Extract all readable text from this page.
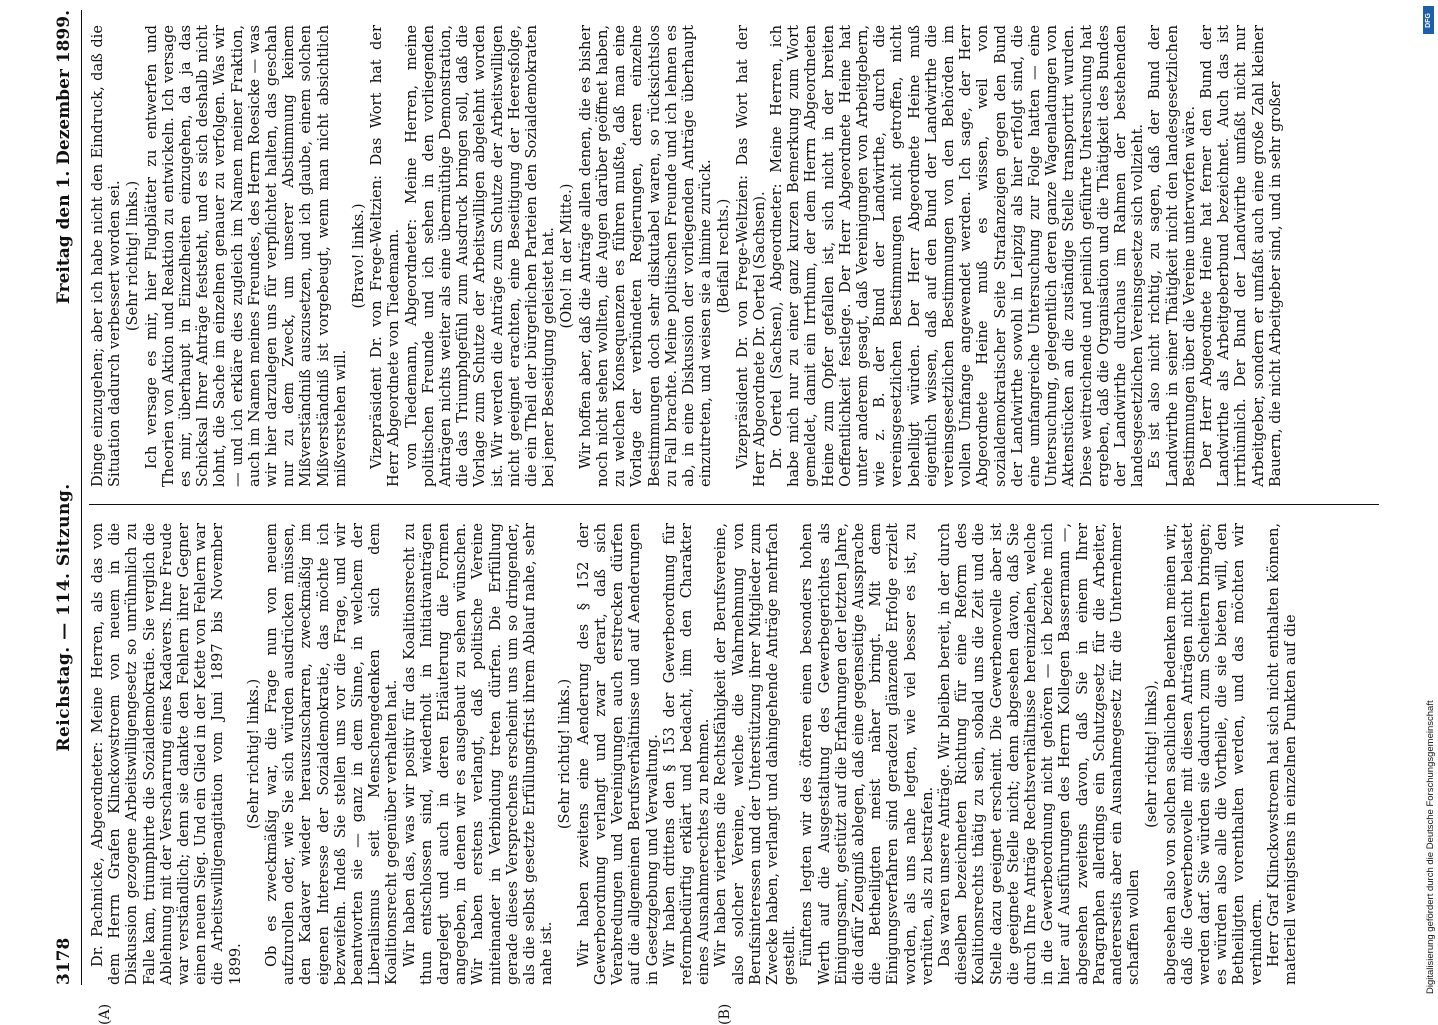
3178
Reichstag. — 114. Sitzung.
Freitag den 1. Dezember 1899.
(A)	(B)

Dr. Pachnicke, Abgeordneter: Meine Herren, als das von dem Herrn Grafen Klinckowstroem von neuem in die Diskussion gezogene Arbeitswilligengesetz so unrühmlich zu Falle kam, triumphirte die Sozialdemokratie. Sie verglich die Ablehnung mit der Verscharrung eines Kadavers. Ihre Freude war verständlich; denn sie dankte den Fehlern ihrer Gegner einen neuen Sieg. Und ein Glied in der Kette von Fehlern war die Arbeitswilligenagitation vom Juni 1897 bis November 1899.

(Sehr richtig! links.) Ob es zweckmäßig war, die Frage nun von neuem aufzurollen oder, wie Sie sich würden ausdrücken müssen, den Kadaver wieder herauszuscharren, zweckmäßig im eigenen Interesse der Sozialdemokratie, das möchte ich bezweifeln. Indeß Sie stellen uns vor die Frage, und wir beantworten sie — ganz in dem Sinne, in welchem der Liberalismus seit Menschengedenken sich dem Koalitionsrecht gegenüber verhalten hat. Wir haben das, was wir positiv für das Koalitionsrecht zu thun entschlossen sind, wiederholt in Initiativanträgen dargelegt und auch in deren Erläuterung die Formen angegeben, in denen wir es ausgebaut zu sehen wünschen. Wir haben erstens verlangt, daß politische Vereine miteinander in Verbindung treten dürfen. Die Erfüllung gerade dieses Versprechens erscheint uns um so dringender, als die selbst gesetzte Erfüllungsfrist ihrem Ablauf nahe, sehr nahe ist.

(Sehr richtig! links.) Wir haben zweitens eine Aenderung des § 152 der Gewerbeordnung verlangt und zwar derart, daß sich Verabredungen und Vereinigungen auch erstrecken dürfen auf die allgemeinen Berufsverhältnisse und auf Aenderungen in Gesetzgebung und Verwaltung. Wir haben drittens den § 153 der Gewerbeordnung für reformbedürftig erklärt und bedacht, ihm den Charakter eines Ausnahmerechtes zu nehmen. Wir haben viertens die Rechtsfähigkeit der Berufsvereine, also solcher Vereine, welche die Wahrnehmung von Berufsinteressen und der Unterstützung ihrer Mitglieder zum Zwecke haben, verlangt und dahingehende Anträge mehrfach gestellt. Fünftens legten wir des öfteren einen besonders hohen Werth auf die Ausgestaltung des Gewerbegerichtes als Einigungsamt, gestützt auf die Erfahrungen der letzten Jahre, die dafür Zeugniß ablegen, daß eine gegenseitige Aussprache die Betheiligten meist näher bringt. Mit dem Einigungsverfahren sind geradezu glänzende Erfolge erzielt worden, als uns nahe legten, wie viel besser es ist, zu verhüten, als zu bestrafen. Das waren unsere Anträge. Wir bleiben bereit, in der durch dieselben bezeichneten Richtung für eine Reform des Koalitionsrechts thätig zu sein, sobald uns die Zeit und die Stelle dazu geeignet erscheint. Die Gewerbenovelle aber ist die geeignete Stelle nicht; denn abgesehen davon, daß Sie durch Ihre Anträge Rechtsverhältnisse hereinziehen, welche in die Gewerbeordnung nicht gehören — ich beziehe mich hier auf Ausführungen des Herrn Kollegen Bassermann —, abgesehen zweitens davon, daß Sie in einem Ihrer Paragraphen allerdings ein Schutzgesetz für die Arbeiter, andererseits aber ein Ausnahmegesetz für die Unternehmer schaffen wollen

(sehr richtig! links), abgesehen also von solchen sachlichen Bedenken meinen wir, daß die Gewerbenovelle mit diesen Anträgen nicht belastet werden darf. Sie würden sie dadurch zum Scheitern bringen; es würden also alle die Vortheile, die sie bieten will, den Betheiligten vorenthalten werden, und das möchten wir verhindern. Herr Graf Klinckowstroem hat sich nicht enthalten können, materiell wenigstens in einzelnen Punkten auf die

Dinge einzugehen; aber ich habe nicht den Eindruck, daß die Situation dadurch verbessert worden sei. (Sehr richtig! links.) Ich versage es mir, hier Flugblätter zu entwerfen und Theorien von Aktion und Reaktion zu entwickeln. Ich versage es mir, überhaupt in Einzelheiten einzugehen, da ja das Schicksal Ihrer Anträge feststeht, und es sich deshalb nicht lohnt, die Sache im einzelnen genauer zu verfolgen. Was wir — und ich erkläre dies zugleich im Namen meiner Fraktion, auch im Namen meines Freundes, des Herrn Roesicke — was wir hier darzulegen uns für verpflichtet halten, das geschah nur zu dem Zweck, um unserer Abstimmung keinem Mißverständniß auszusetzen, und ich glaube, einem solchen Mißverständniß ist vorgebeugt, wenn man nicht absichtlich mißverstehen will.

(Bravo! links.) Vizepräsident Dr. von Frege-Weltzien: Das Wort hat der Herr Abgeordnete von Tiedemann. von Tiedemann, Abgeordneter: Meine Herren, meine politischen Freunde und ich sehen in den vorliegenden Anträgen nichts weiter als eine übermüthige Demonstration, die das Triumphgefühl zum Ausdruck bringen soll, daß die Vorlage zum Schutze der Arbeitswilligen abgelehnt worden ist. Wir werden die Anträge zum Schutze der Arbeitswilligen nicht geeignet erachten, eine Beseitigung der Heeresfolge, die ein Theil der bürgerlichen Parteien den Sozialdemokraten bei jener Beseitigung geleistet hat. (Oho! in der Mitte.) Wir hoffen aber, daß die Anträge allen denen, die es bisher noch nicht sehen wollten, die Augen darüber geöffnet haben, zu welchen Konsequenzen es führen mußte, daß man eine Vorlage der verbündeten Regierungen, deren einzelne Bestimmungen doch sehr diskutabel waren, so rücksichtslos zu Fall brachte. Meine politischen Freunde und ich lehnen es ab, in eine Diskussion der vorliegenden Anträge überhaupt einzutreten, und weisen sie a limine zurück. (Beifall rechts.) Vizepräsident Dr. von Frege-Weltzien: Das Wort hat der Herr Abgeordnete Dr. Oertel (Sachsen). Dr. Oertel (Sachsen), Abgeordneter: Meine Herren, ich habe mich nur zu einer ganz kurzen Bemerkung zum Wort gemeldet, damit ein Irrthum, der dem Herrn Abgeordneten Heine zum Opfer gefallen ist, sich nicht in der breiten Oeffentlichkeit festlege. Der Herr Abgeordnete Heine hat unter anderem gesagt, daß Vereinigungen von Arbeitgebern, wie z. B. der Bund der Landwirthe, durch die vereinsgesetzlichen Bestimmungen nicht getroffen, nicht behelligt würden. Der Herr Abgeordnete Heine muß eigentlich wissen, daß auf den Bund der Landwirthe die vereinsgesetzlichen Bestimmungen von den Behörden im vollen Umfange angewendet werden. Ich sage, der Herr Abgeordnete Heine muß es wissen, weil von sozialdemokratischer Seite Strafanzeigen gegen den Bund der Landwirthe sowohl in Leipzig als hier erfolgt sind, die eine umfangreiche Untersuchung zur Folge hatten — eine Untersuchung, gelegentlich deren ganze Wagenladungen von Aktenstücken an die zuständige Stelle transportirt wurden. Diese weitreichende und peinlich geführte Untersuchung hat ergeben, daß die Organisation und die Thätigkeit des Bundes der Landwirthe durchaus im Rahmen der bestehenden landesgesetzlichen Vereinsgesetze sich vollzieht. Es ist also nicht richtig, zu sagen, daß der Bund der Landwirthe in seiner Thätigkeit nicht den landesgesetzlichen Bestimmungen über die Vereine unterworfen wäre. Der Herr Abgeordnete Heine hat ferner den Bund der Landwirthe als Arbeitgeberbund bezeichnet. Auch das ist irrthümlich. Der Bund der Landwirthe umfaßt nicht nur Arbeitgeber, sondern er umfaßt auch eine große Zahl kleiner Bauern, die nicht Arbeitgeber sind, und in sehr großer

DFG
Digitalisierung gefördert durch die Deutsche Forschungsgemeinschaft
